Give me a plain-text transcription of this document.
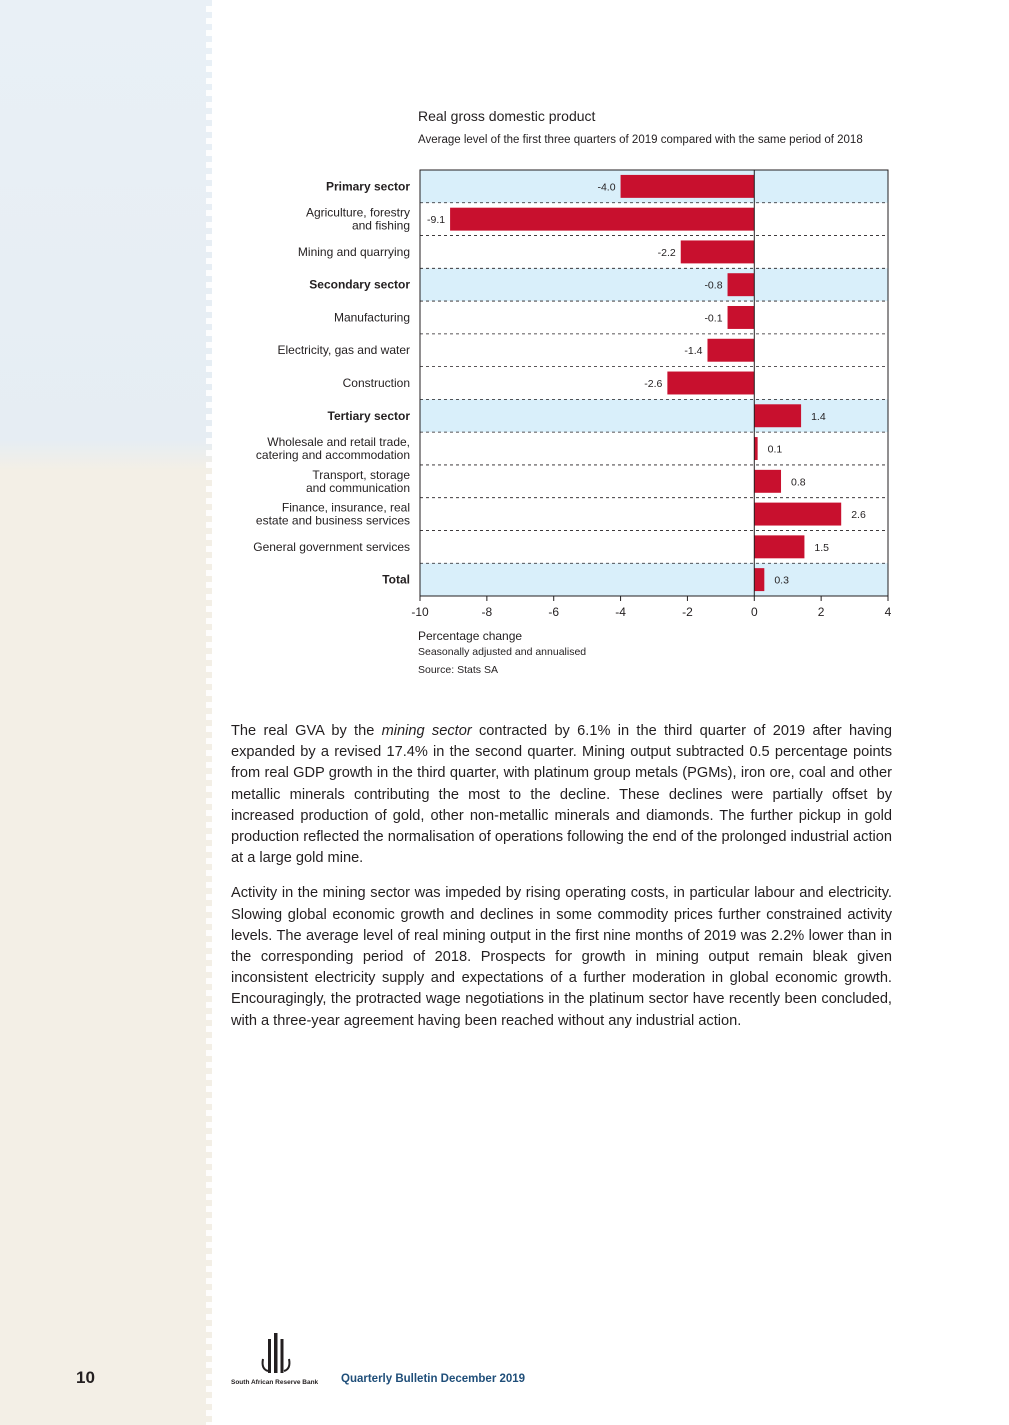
Real gross domestic product
Average level of the first three quarters of 2019 compared with the same period of 2018
-4.0
-9.1
-2.2
-0.8
-0.1
-1.4
-2.6
1.4
0.1
0.8
2.6
1.5
0.3
Primary sector
Agriculture, forestry and fishing
Mining and quarrying
Secondary sector
Manufacturing
Electricity, gas and water
Construction
Tertiary sector
Wholesale and retail trade, catering and accommodation
Transport, storage and communication
Finance, insurance, real estate and business services
General government services
Total
-10	-8	-6	-4	-2	0	2	4
Percentage change
Seasonally adjusted and annualised
Source: Stats SA

The real GVA by the mining sector contracted by 6.1% in the third quarter of 2019 after having expanded by a revised 17.4% in the second quarter. Mining output subtracted 0.5 percentage points from real GDP growth in the third quarter, with platinum group metals (PGMs), iron ore, coal and other metallic minerals contributing the most to the decline. These declines were partially offset by increased production of gold, other non-metallic minerals and diamonds. The further pickup in gold production reflected the normalisation of operations following the end of the prolonged industrial action at a large gold mine.

Activity in the mining sector was impeded by rising operating costs, in particular labour and electricity. Slowing global economic growth and declines in some commodity prices further constrained activity levels. The average level of real mining output in the first nine months of 2019 was 2.2% lower than in the corresponding period of 2018. Prospects for growth in mining output remain bleak given inconsistent electricity supply and expectations of a further moderation in global economic growth. Encouragingly, the protracted wage negotiations in the platinum sector have recently been concluded, with a three-year agreement having been reached without any industrial action.

10	South African Reserve Bank Quarterly Bulletin December 2019
